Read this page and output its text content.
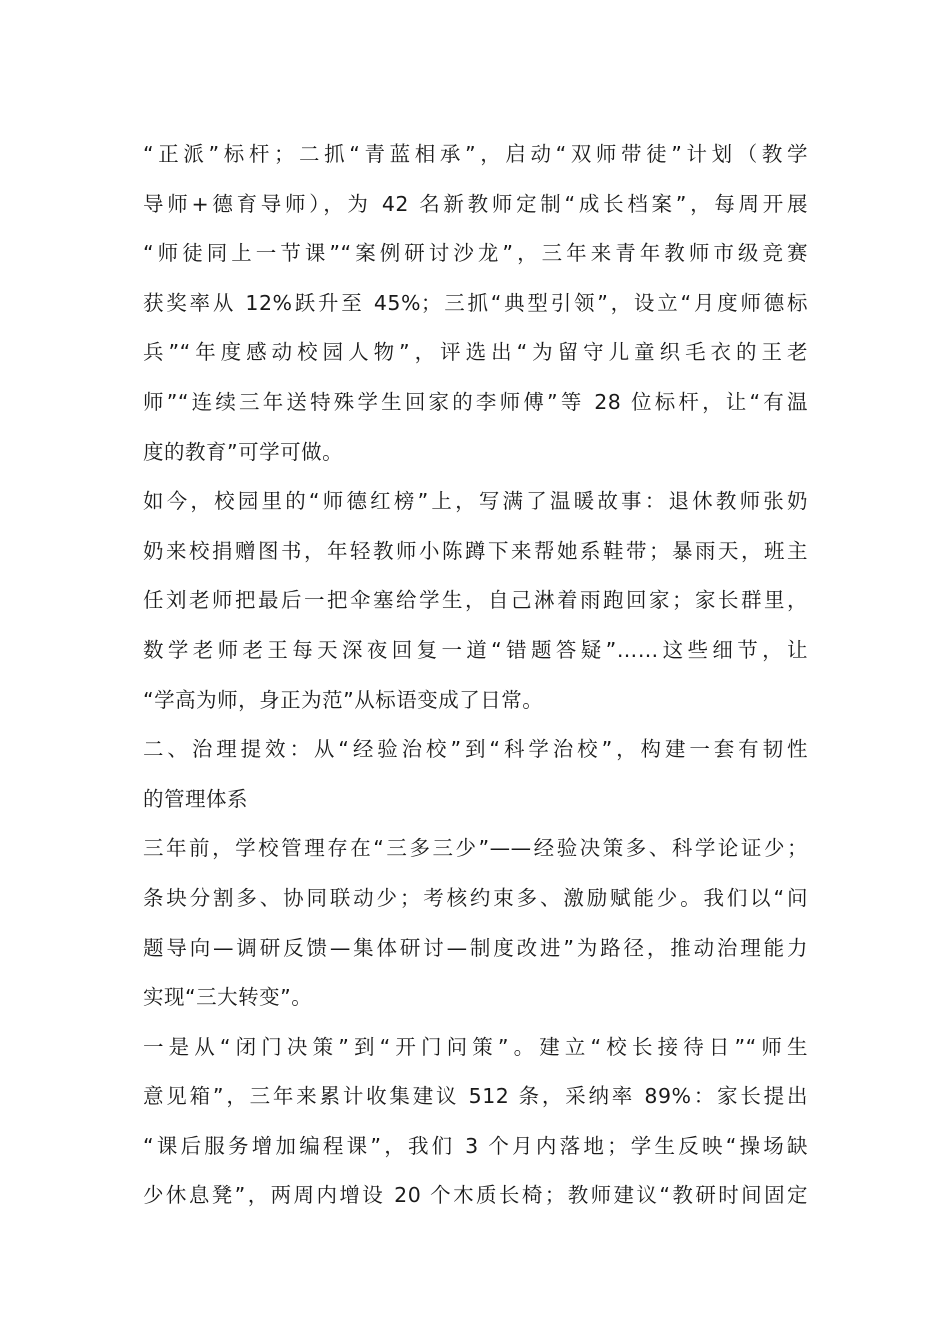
“正派”标杆；二抓“青蓝相承”，启动“双师带徒”计划（教学
导师+德育导师），为 42 名新教师定制“成长档案”，每周开展
“师徒同上一节课”“案例研讨沙龙”，三年来青年教师市级竞赛
获奖率从 12%跃升至 45%；三抓“典型引领”，设立“月度师德标
兵”“年度感动校园人物”，评选出“为留守儿童织毛衣的王老
师”“连续三年送特殊学生回家的李师傅”等 28 位标杆，让“有温
度的教育”可学可做。
如今，校园里的“师德红榜”上，写满了温暖故事：退休教师张奶
奶来校捐赠图书，年轻教师小陈蹲下来帮她系鞋带；暴雨天，班主
任刘老师把最后一把伞塞给学生，自己淋着雨跑回家；家长群里，
数学老师老王每天深夜回复一道“错题答疑”……这些细节，让
“学高为师，身正为范”从标语变成了日常。
二、治理提效：从“经验治校”到“科学治校”，构建一套有韧性
的管理体系
三年前，学校管理存在“三多三少”——经验决策多、科学论证少；
条块分割多、协同联动少；考核约束多、激励赋能少。我们以“问
题导向—调研反馈—集体研讨—制度改进”为路径，推动治理能力
实现“三大转变”。
一是从“闭门决策”到“开门问策”。建立“校长接待日”“师生
意见箱”，三年来累计收集建议 512 条，采纳率 89%：家长提出
“课后服务增加编程课”，我们 3 个月内落地；学生反映“操场缺
少休息凳”，两周内增设 20 个木质长椅；教师建议“教研时间固定
